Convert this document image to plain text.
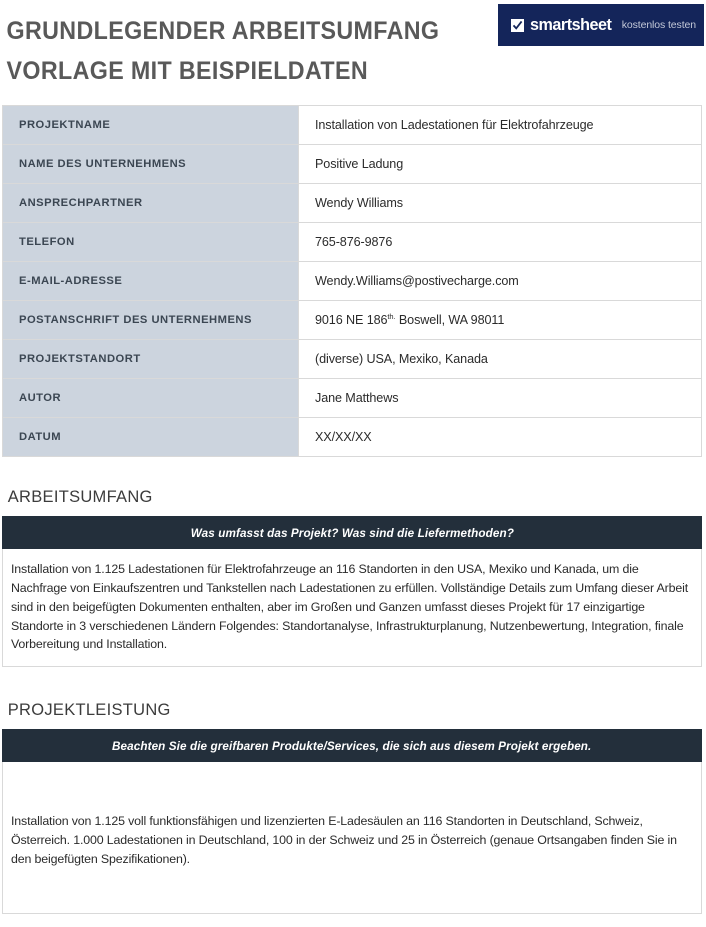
GRUNDLEGENDER ARBEITSUMFANG
VORLAGE MIT BEISPIELDATEN
smartsheet kostenlos testen
PROJEKTNAME	Installation von Ladestationen für Elektrofahrzeuge
NAME DES UNTERNEHMENS	Positive Ladung
ANSPRECHPARTNER	Wendy Williams
TELEFON	765-876-9876
E-MAIL-ADRESSE	Wendy.Williams@postivecharge.com
POSTANSCHRIFT DES UNTERNEHMENS	9016 NE $186^{th.}$ Boswell, WA 98011
PROJEKTSTANDORT	(diverse) USA, Mexiko, Kanada
AUTOR	Jane Matthews
DATUM	XX/XX/XX
ARBEITSUMFANG
Was umfasst das Projekt? Was sind die Liefermethoden?

Installation von 1.125 Ladestationen für Elektrofahrzeuge an 116 Standorten in den USA, Mexiko und Kanada, um die Nachfrage von Einkaufszentren und Tankstellen nach Ladestationen zu erfüllen. Vollständige Details zum Umfang dieser Arbeit sind in den beigefügten Dokumenten enthalten, aber im Großen und Ganzen umfasst dieses Projekt für 17 einzigartige Standorte in 3 verschiedenen Ländern Folgendes: Standortanalyse, Infrastrukturplanung, Nutzenbewertung, Integration, finale Vorbereitung und Installation.

PROJEKTLEISTUNG
Beachten Sie die greifbaren Produkte/Services, die sich aus diesem Projekt ergeben.

Installation von 1.125 voll funktionsfähigen und lizenzierten E-Ladesäulen an 116 Standorten in Deutschland, Schweiz, Österreich. 1.000 Ladestationen in Deutschland, 100 in der Schweiz und 25 in Österreich (genaue Ortsangaben finden Sie in den beigefügten Spezifikationen).
